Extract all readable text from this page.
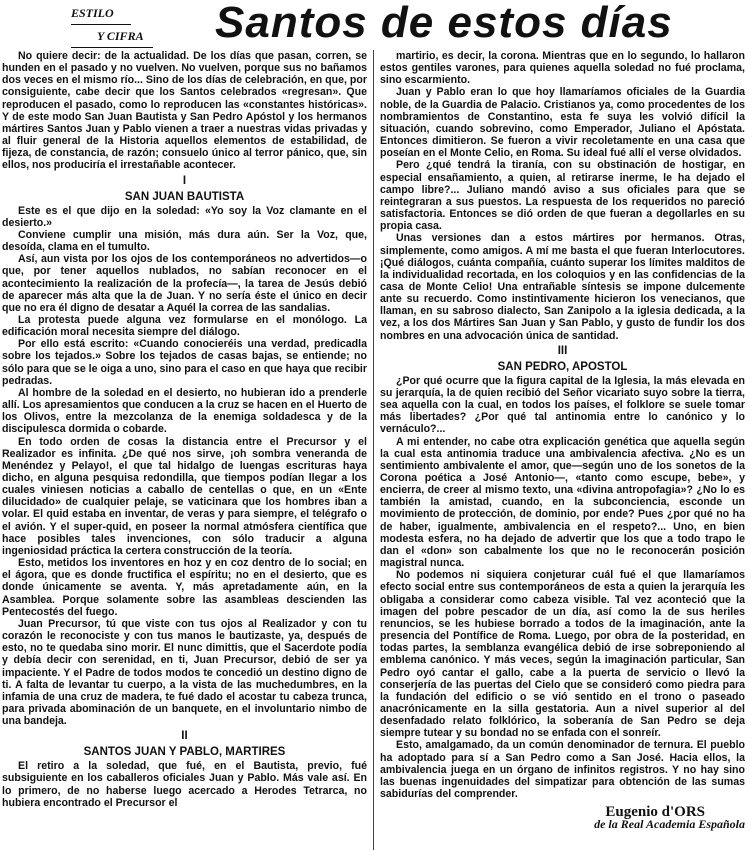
ESTILO
Y CIFRA Santos de estos días

No quiere decir: de la actualidad. De los días que pasan, corren, se hunden en el pasado y no vuelven. No vuelven, porque sus no bañamos dos veces en el mismo río... Sino de los días de celebración, en que, por consiguiente, cabe decir que los Santos celebrados «regresan». Que reproducen el pasado, como lo reproducen las «constantes históricas». Y de este modo San Juan Bautista y San Pedro Apóstol y los hermanos mártires Santos Juan y Pablo vienen a traer a nuestras vidas privadas y al fluir general de la Historia aquellos elementos de estabilidad, de fijeza, de constancia, de razón; consuelo único al terror pánico, que, sin ellos, nos produciría el irrestañable acontecer.

I
SAN JUAN BAUTISTA

Este es el que dijo en la soledad: «Yo soy la Voz clamante en el desierto.»

Conviene cumplir una misión, más dura aún. Ser la Voz, que, desoída, clama en el tumulto.

Así, aun vista por los ojos de los contemporáneos no advertidos—o que, por tener aquellos nublados, no sabían reconocer en el acontecimiento la realización de la profecía—, la tarea de Jesús debió de aparecer más alta que la de Juan. Y no sería éste el único en decir que no era él digno de desatar a Aquél la correa de las sandalias.

La protesta puede alguna vez formularse en el monólogo. La edificación moral necesita siempre del diálogo.

Por ello está escrito: «Cuando conocieréis una verdad, predicadla sobre los tejados.» Sobre los tejados de casas bajas, se entiende; no sólo para que se le oiga a uno, sino para el caso en que haya que recibir pedradas.

Al hombre de la soledad en el desierto, no hubieran ido a prenderle allí. Los apresamientos que conducen a la cruz se hacen en el Huerto de los Olivos, entre la mezcolanza de la enemiga soldadesca y de la discipulesca dormida o cobarde.

En todo orden de cosas la distancia entre el Precursor y el Realizador es infinita. ¿De qué nos sirve, ¡oh sombra veneranda de Menéndez y Pelayo!, el que tal hidalgo de luengas escrituras haya dicho, en alguna pesquisa redondilla, que tiempos podían llegar a los cuales viniesen noticias a caballo de centellas o que, en un «Ente dilucidado» de cualquier pelaje, se vaticinara que los hombres iban a volar. El quid estaba en inventar, de veras y para siempre, el telégrafo o el avión. Y el super-quid, en poseer la normal atmósfera científica que hace posibles tales invenciones, con sólo traducir a alguna ingeniosidad práctica la certera construcción de la teoría.

Esto, metidos los inventores en hoz y en coz dentro de lo social; en el ágora, que es donde fructifica el espíritu; no en el desierto, que es donde únicamente se aventa. Y, más apretadamente aún, en la Asamblea. Porque solamente sobre las asambleas descienden las Pentecostés del fuego.

Juan Precursor, tú que viste con tus ojos al Realizador y con tu corazón le reconociste y con tus manos le bautizaste, ya, después de esto, no te quedaba sino morir. El nunc dimittis, que el Sacerdote podía y debía decir con serenidad, en ti, Juan Precursor, debió de ser ya impaciente. Y el Padre de todos modos te concedió un destino digno de ti. A falta de levantar tu cuerpo, a la vista de las muchedumbres, en la infamia de una cruz de madera, te fué dado el acostar tu cabeza trunca, para privada abominación de un banquete, en el involuntario nimbo de una bandeja.

II
SANTOS JUAN Y PABLO, MARTIRES

El retiro a la soledad, que fué, en el Bautista, previo, fué subsiguiente en los caballeros oficiales Juan y Pablo. Más vale así. En lo primero, de no haberse luego acercado a Herodes Tetrarca, no hubiera encontrado el Precursor el

martirio, es decir, la corona. Mientras que en lo segundo, lo hallaron estos gentiles varones, para quienes aquella soledad no fué proclama, sino escarmiento.

Juan y Pablo eran lo que hoy llamaríamos oficiales de la Guardia noble, de la Guardia de Palacio. Cristianos ya, como procedentes de los nombramientos de Constantino, esta fe suya les volvió difícil la situación, cuando sobrevino, como Emperador, Juliano el Apóstata. Entonces dimitieron. Se fueron a vivir recoletamente en una casa que poseían en el Monte Celio, en Roma. Su ideal fué allí el verse olvidados.

Pero ¿qué tendrá la tiranía, con su obstinación de hostigar, en especial ensañamiento, a quien, al retirarse inerme, le ha dejado el campo libre?... Juliano mandó aviso a sus oficiales para que se reintegraran a sus puestos. La respuesta de los requeridos no pareció satisfactoria. Entonces se dió orden de que fueran a degollarles en su propia casa.

Unas versiones dan a estos mártires por hermanos. Otras, simplemente, como amigos. A mí me basta el que fueran Interlocutores. ¡Qué diálogos, cuánta compañía, cuánto superar los límites malditos de la individualidad recortada, en los coloquios y en las confidencias de la casa de Monte Celio! Una entrañable síntesis se impone dulcemente ante su recuerdo. Como instintivamente hicieron los venecianos, que llaman, en su sabroso dialecto, San Zanipolo a la iglesia dedicada, a la vez, a los dos Mártires San Juan y San Pablo, y gusto de fundir los dos nombres en una advocación única de santidad.

III
SAN PEDRO, APOSTOL

¿Por qué ocurre que la figura capital de la Iglesia, la más elevada en su jerarquía, la de quien recibió del Señor vicariato suyo sobre la tierra, sea aquella con la cual, en todos los países, el folklore se suele tomar más libertades? ¿Por qué tal antinomia entre lo canónico y lo vernáculo?...

A mi entender, no cabe otra explicación genética que aquella según la cual esta antinomia traduce una ambivalencia afectiva. ¿No es un sentimiento ambivalente el amor, que—según uno de los sonetos de la Corona poética a José Antonio—, «tanto como escupe, bebe», y encierra, de creer al mismo texto, una «divina antropofagia»? ¿No lo es también la amistad, cuando, en la subconciencia, esconde un movimiento de protección, de dominio, por ende? Pues ¿por qué no ha de haber, igualmente, ambivalencia en el respeto?... Uno, en bien modesta esfera, no ha dejado de advertir que los que a todo trapo le dan el «don» son cabalmente los que no le reconocerán posición magistral nunca.

No podemos ni siquiera conjeturar cuál fué el que llamaríamos efecto social entre sus contemporáneos de esta a quien la jerarquía les obligaba a considerar como cabeza visible. Tal vez aconteció que la imagen del pobre pescador de un día, así como la de sus heriles renuncios, se les hubiese borrado a todos de la imaginación, ante la presencia del Pontífice de Roma. Luego, por obra de la posteridad, en todas partes, la semblanza evangélica debió de irse sobreponiendo al emblema canónico. Y más veces, según la imaginación particular, San Pedro oyó cantar el gallo, cabe a la puerta de servicio o llevó la conserjería de las puertas del Cielo que se consideró como piedra para la fundación del edificio o se vió sentido en el trono o paseado anacrónicamente en la silla gestatoria. Aun a nivel superior al del desenfadado relato folklórico, la soberanía de San Pedro se deja siempre tutear y su bondad no se enfada con el sonreír.

Esto, amalgamado, da un común denominador de ternura. El pueblo ha adoptado para sí a San Pedro como a San José. Hacia ellos, la ambivalencia juega en un órgano de infinitos registros. Y no hay sino las buenas ingenuidades del simpatizar para obtención de las sumas sabidurías del comprender.

Eugenio d'ORS
de la Real Academia Española
